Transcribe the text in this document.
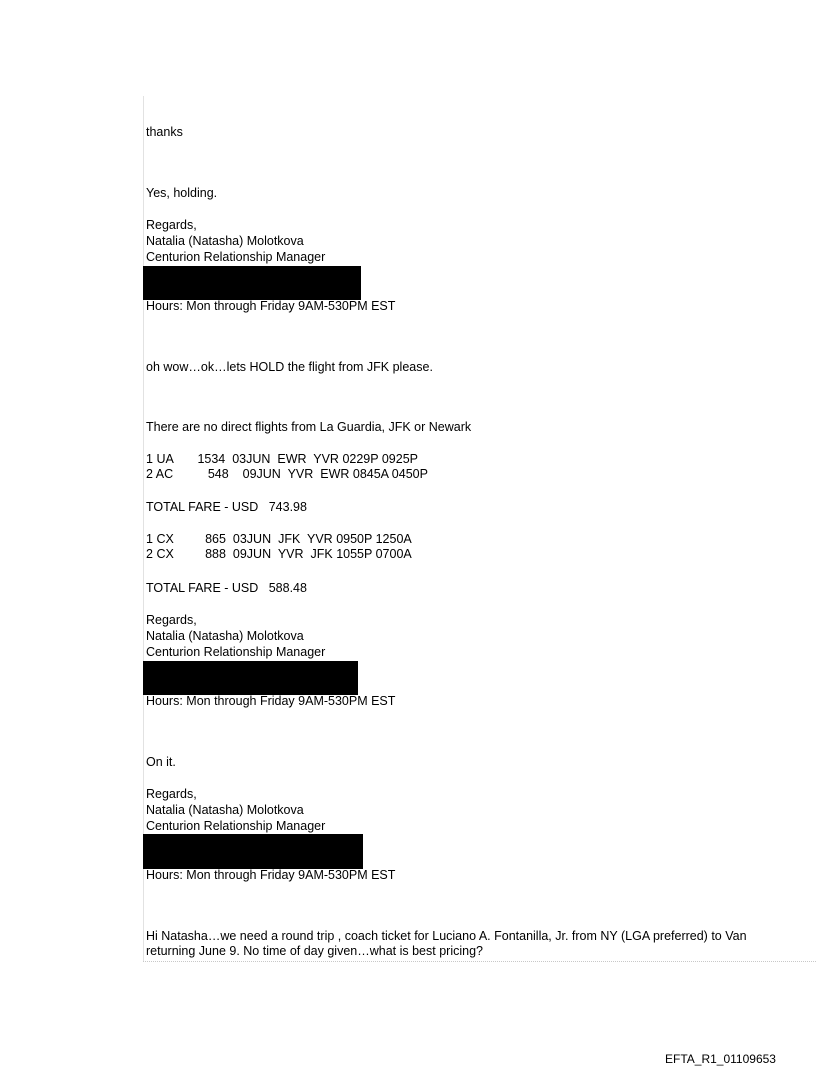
thanks
Yes, holding.
Regards,
Natalia (Natasha) Molotkova
Centurion Relationship Manager
Hours: Mon through Friday 9AM-530PM EST
oh wow…ok…lets HOLD the flight from JFK please.
There are no direct flights from La Guardia, JFK or Newark
1 UA 1534 03JUN EWR  YVR 0229P 0925P
2 AC	548 09JUN YVR  EWR 0845A 0450P
TOTAL FARE - USD 743.98
1 CX	865 03JUN JFK  YVR 0950P 1250A
2 CX	888 09JUN YVR  JFK 1055P 0700A
TOTAL FARE - USD 588.48
Regards,
Natalia (Natasha) Molotkova
Centurion Relationship Manager
Hours: Mon through Friday 9AM-530PM EST
On it.
Regards,
Natalia (Natasha) Molotkova
Centurion Relationship Manager
Hours: Mon through Friday 9AM-530PM EST
Hi Natasha…we need a round trip , coach ticket for Luciano A. Fontanilla, Jr. from NY (LGA preferred) to Van
returning June 9. No time of day given…what is best pricing?
EFTA_R1_01109653
